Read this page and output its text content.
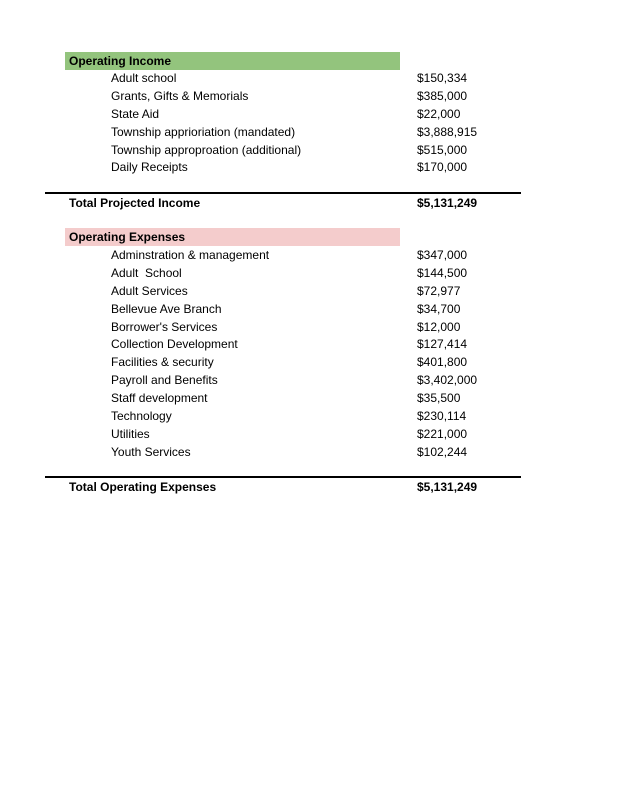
Operating Income
Adult school	$150,334
Grants, Gifts & Memorials	$385,000
State Aid	$22,000
Township apprioriation (mandated)	$3,888,915
Township approproation (additional)	$515,000
Daily Receipts	$170,000
Total Projected Income	$5,131,249
Operating Expenses
Adminstration & management	$347,000
Adult  School	$144,500
Adult Services	$72,977
Bellevue Ave Branch	$34,700
Borrower's Services	$12,000
Collection Development	$127,414
Facilities & security	$401,800
Payroll and Benefits	$3,402,000
Staff development	$35,500
Technology	$230,114
Utilities	$221,000
Youth Services	$102,244
Total Operating Expenses	$5,131,249
